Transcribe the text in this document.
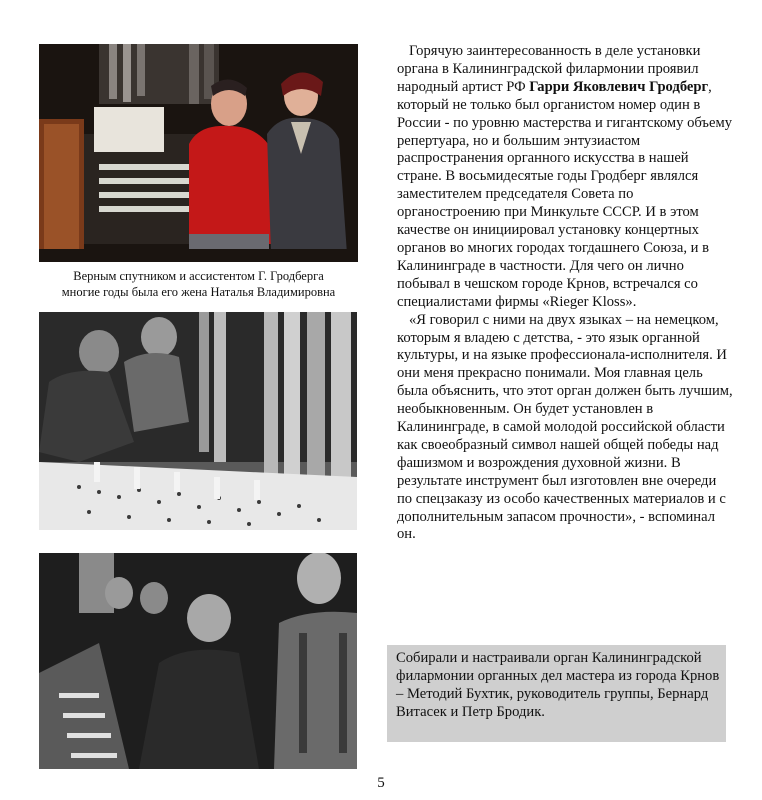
Верным спутником и ассистентом Г. Гродберга
многие годы была его жена Наталья Владимировна

Горячую заинтересованность в деле установки органа в Калининградской филармонии проявил народный артист РФ Гарри Яковлевич Гродберг, который не только был органистом номер один в России - по уровню мастерства и гигантскому объему репертуара, но и большим энтузиастом распространения органного искусства в нашей стране. В восьмидесятые годы Гродберг являлся заместителем председателя Совета по органостроению при Минкульте СССР. И в этом качестве он инициировал установку концертных органов во многих городах тогдашнего Союза, и в Калининграде в частности. Для чего он лично побывал в чешском городе Крнов, встречался со специалистами фирмы «Rieger Kloss».

«Я говорил с ними на двух языках – на немецком, которым я владею с детства, - это язык органной культуры, и на языке профессионала-исполнителя. И они меня прекрасно понимали. Моя главная цель была объяснить, что этот орган должен быть лучшим, необыкновенным. Он будет установлен в Калининграде, в самой молодой российской области как своеобразный символ нашей общей победы над фашизмом и возрождения духовной жизни. В результате инструмент был изготовлен вне очереди по спецзаказу из особо качественных материалов и с дополнительным запасом прочности», - вспоминал он.

Собирали и настраивали орган Калининградской филармонии органных дел мастера из города Крнов – Методий Бухтик, руководитель группы, Бернард Витасек и Петр Бродик.
5
